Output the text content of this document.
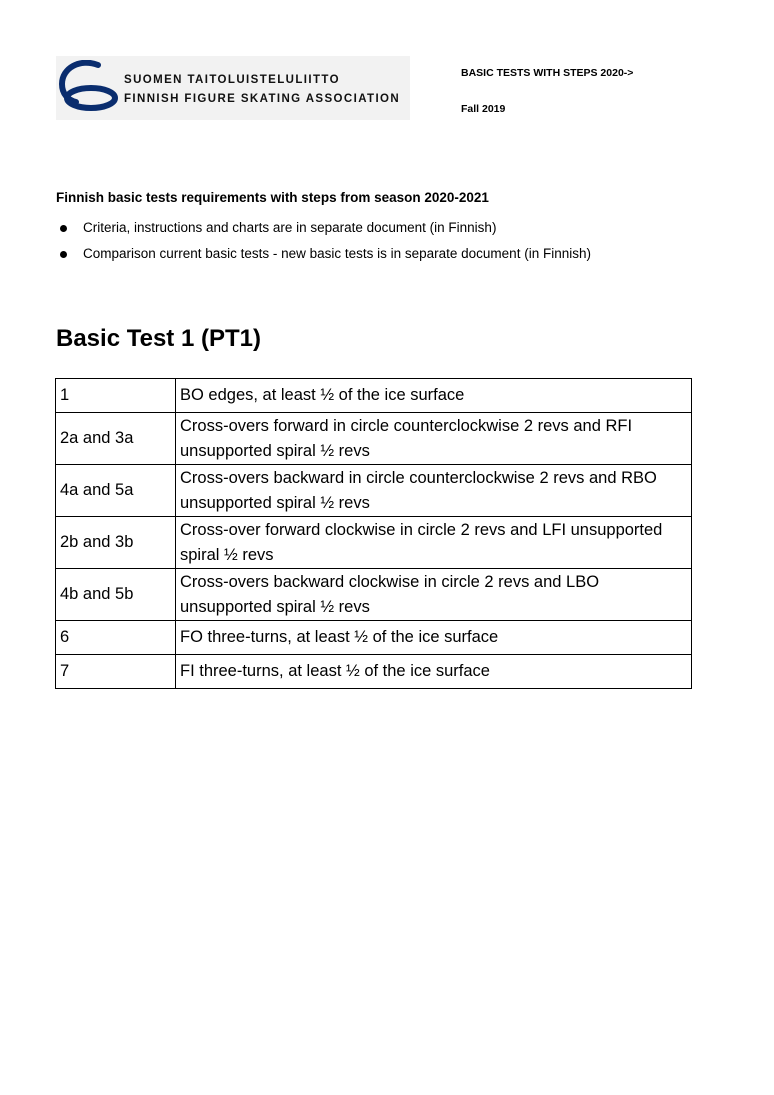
SUOMEN TAITOLUISTELULIITTO
FINNISH FIGURE SKATING ASSOCIATION
BASIC TESTS WITH STEPS 2020->
Fall 2019
Finnish basic tests requirements with steps from season 2020-2021
Criteria, instructions and charts are in separate document (in Finnish)
Comparison current basic tests - new basic tests is in separate document (in Finnish)
Basic Test 1 (PT1)
1	BO edges, at least ½ of the ice surface
2a and 3a	Cross-overs forward in circle counterclockwise 2 revs and RFI unsupported spiral ½ revs
4a and 5a	Cross-overs backward in circle counterclockwise 2 revs and RBO unsupported spiral ½ revs
2b and 3b	Cross-over forward clockwise in circle 2 revs and LFI unsupported spiral ½ revs
4b and 5b	Cross-overs backward clockwise in circle 2 revs and LBO unsupported spiral ½ revs
6	FO three-turns, at least ½ of the ice surface
7	FI three-turns, at least ½ of the ice surface
